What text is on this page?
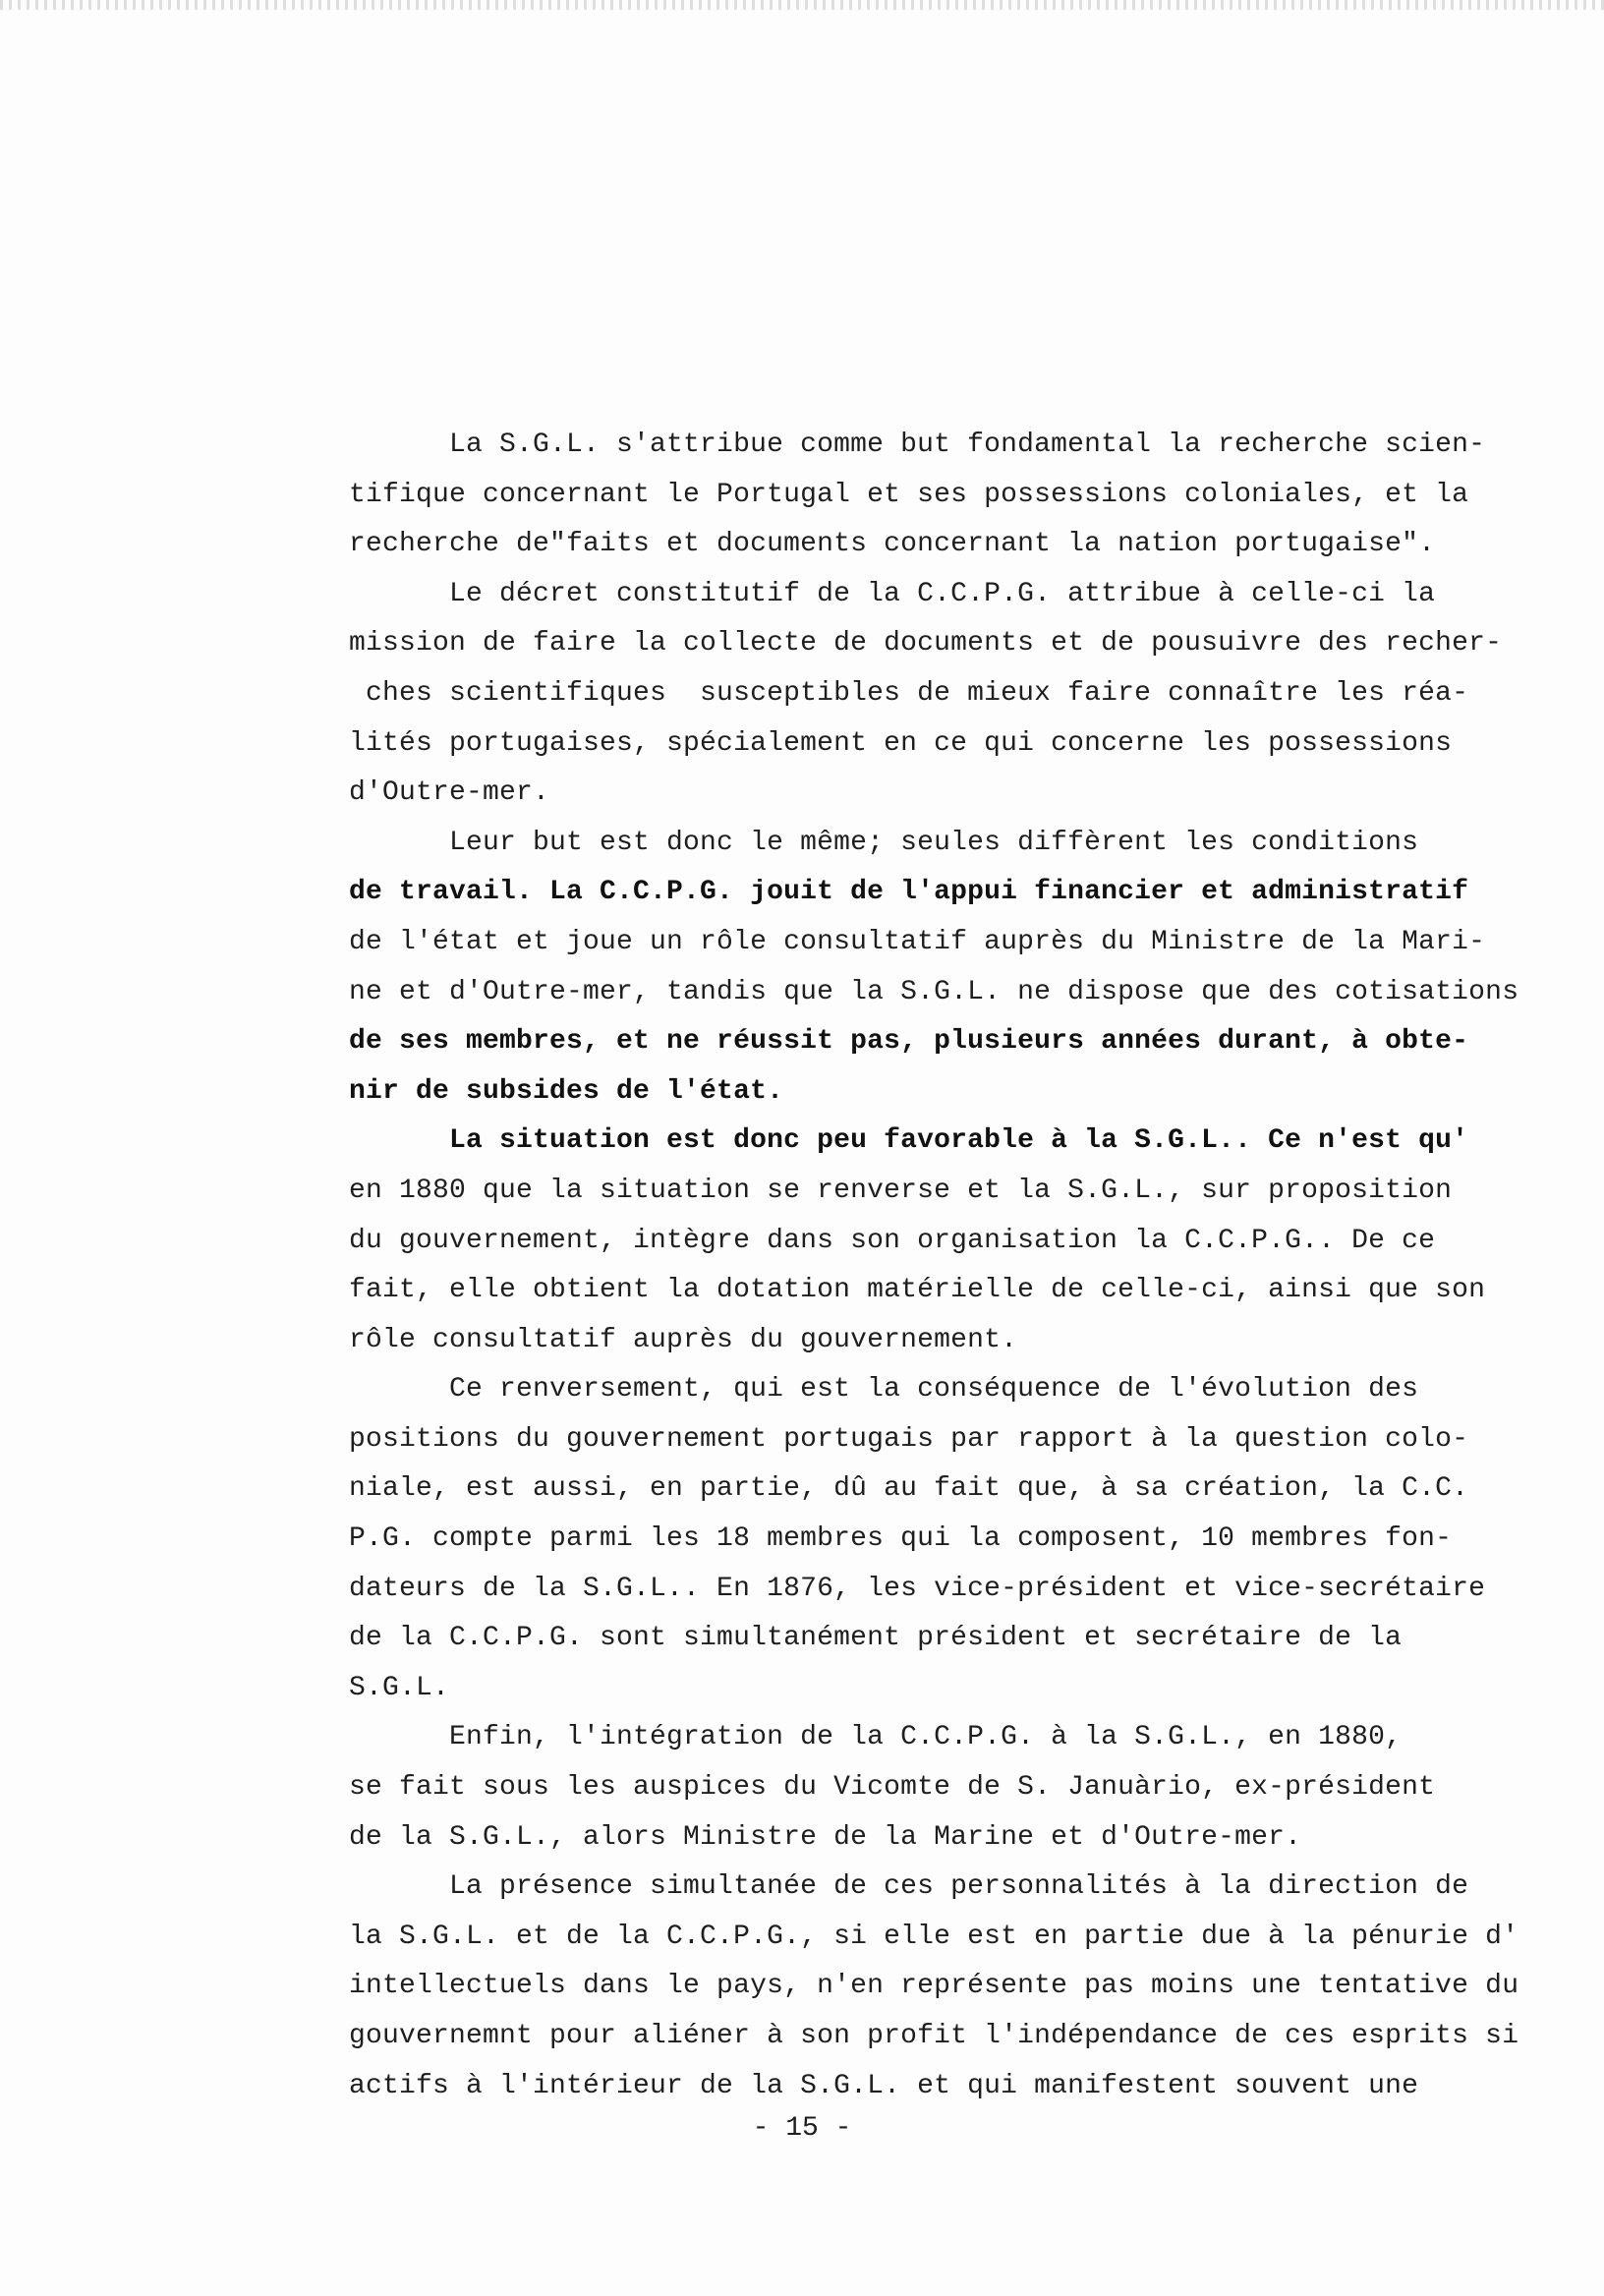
La S.G.L. s'attribue comme but fondamental la recherche scien-
tifique concernant le Portugal et ses possessions coloniales, et la
recherche de"faits et documents concernant la nation portugaise".
Le décret constitutif de la C.C.P.G. attribue à celle-ci la
mission de faire la collecte de documents et de pousuivre des recher-
ches scientifiques  susceptibles de mieux faire connaître les réa-
lités portugaises, spécialement en ce qui concerne les possessions
d'Outre-mer.
Leur but est donc le même; seules diffèrent les conditions
de travail. La C.C.P.G. jouit de l'appui financier et administratif
de l'état et joue un rôle consultatif auprès du Ministre de la Mari-
ne et d'Outre-mer, tandis que la S.G.L. ne dispose que des cotisations
de ses membres, et ne réussit pas, plusieurs années durant, à obte-
nir de subsides de l'état.
La situation est donc peu favorable à la S.G.L.. Ce n'est qu'
en 1880 que la situation se renverse et la S.G.L., sur proposition
du gouvernement, intègre dans son organisation la C.C.P.G.. De ce
fait, elle obtient la dotation matérielle de celle-ci, ainsi que son
rôle consultatif auprès du gouvernement.
Ce renversement, qui est la conséquence de l'évolution des
positions du gouvernement portugais par rapport à la question colo-
niale, est aussi, en partie, dû au fait que, à sa création, la C.C.
P.G. compte parmi les 18 membres qui la composent, 10 membres fon-
dateurs de la S.G.L.. En 1876, les vice-président et vice-secrétaire
de la C.C.P.G. sont simultanément président et secrétaire de la
S.G.L.
Enfin, l'intégration de la C.C.P.G. à la S.G.L., en 1880,
se fait sous les auspices du Vicomte de S. Januàrio, ex-président
de la S.G.L., alors Ministre de la Marine et d'Outre-mer.
La présence simultanée de ces personnalités à la direction de
la S.G.L. et de la C.C.P.G., si elle est en partie due à la pénurie d'
intellectuels dans le pays, n'en représente pas moins une tentative du
gouvernemnt pour aliéner à son profit l'indépendance de ces esprits si
actifs à l'intérieur de la S.G.L. et qui manifestent souvent une
- 15 -
